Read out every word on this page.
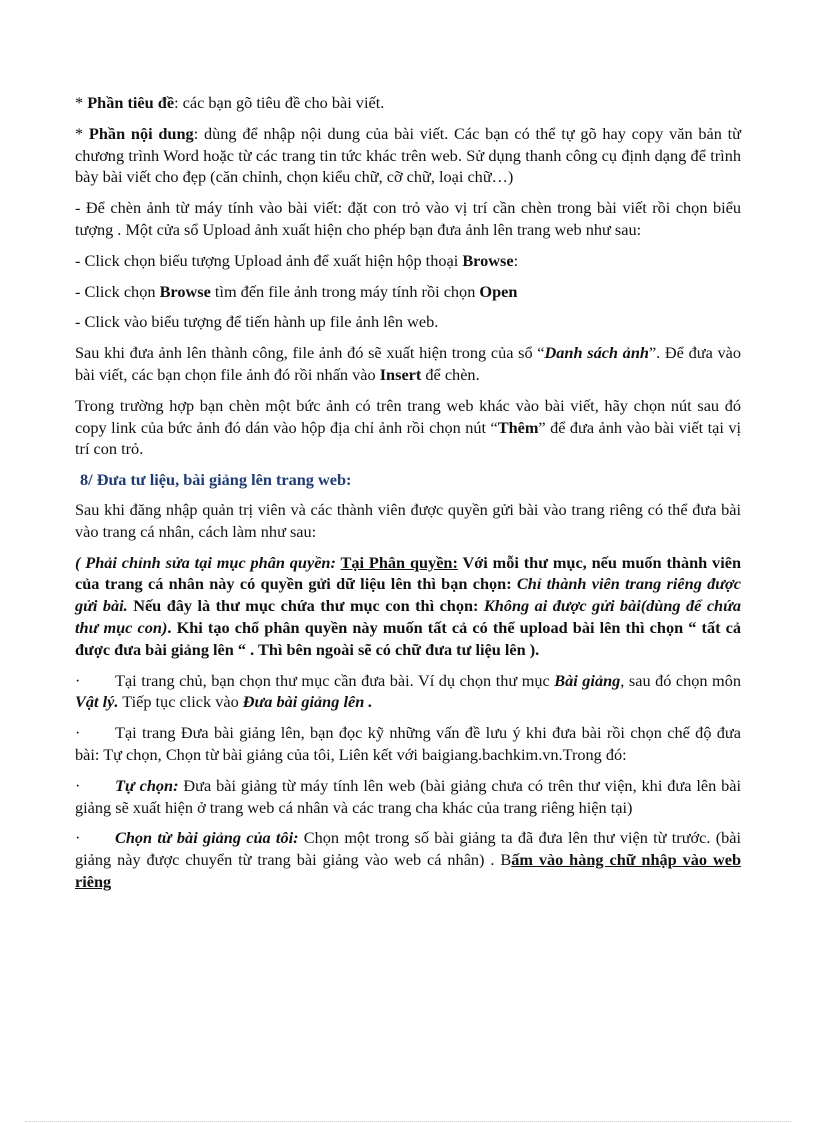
* Phần tiêu đề: các bạn gõ tiêu đề cho bài viết.

* Phần nội dung: dùng để nhập nội dung của bài viết. Các bạn có thể tự gõ hay copy văn bản từ chương trình Word hoặc từ các trang tin tức khác trên web. Sử dụng thanh công cụ định dạng để trình bày bài viết cho đẹp (căn chỉnh, chọn kiểu chữ, cỡ chữ, loại chữ…)

- Để chèn ảnh từ máy tính vào bài viết: đặt con trỏ vào vị trí cần chèn trong bài viết rồi chọn biểu tượng . Một cửa sổ Upload ảnh xuất hiện cho phép bạn đưa ảnh lên trang web như sau:

- Click chọn biểu tượng Upload ảnh để xuất hiện hộp thoại Browse:

- Click chọn Browse tìm đến file ảnh trong máy tính rồi chọn Open

- Click vào biểu tượng để tiến hành up file ảnh lên web.

Sau khi đưa ảnh lên thành công, file ảnh đó sẽ xuất hiện trong của sổ “Danh sách ảnh”. Để đưa vào bài viết, các bạn chọn file ảnh đó rồi nhấn vào Insert để chèn.

Trong trường hợp bạn chèn một bức ảnh có trên trang web khác vào bài viết, hãy chọn nút sau đó copy link của bức ảnh đó dán vào hộp địa chỉ ảnh rồi chọn nút “Thêm” để đưa ảnh vào bài viết tại vị trí con trỏ.

8/ Đưa tư liệu, bài giảng lên trang web:

Sau khi đăng nhập quản trị viên và các thành viên được quyền gửi bài vào trang riêng có thể đưa bài vào trang cá nhân, cách làm như sau:

( Phải chỉnh sửa tại mục phân quyền: Tại Phân quyền: Với mỗi thư mục, nếu muốn thành viên của trang cá nhân này có quyền gửi dữ liệu lên thì bạn chọn: Chỉ thành viên trang riêng được gửi bài. Nếu đây là thư mục chứa thư mục con thì chọn: Không ai được gửi bài(dùng để chứa thư mục con). Khi tạo chổ phân quyền này muốn tất cả có thể upload bài lên thì chọn “ tất cả được đưa bài giảng lên “ . Thì bên ngoài sẽ có chữ đưa tư liệu lên ).

· Tại trang chủ, bạn chọn thư mục cần đưa bài. Ví dụ chọn thư mục Bài giảng, sau đó chọn môn Vật lý. Tiếp tục click vào Đưa bài giảng lên .

· Tại trang Đưa bài giảng lên, bạn đọc kỹ những vấn đề lưu ý khi đưa bài rồi chọn chế độ đưa bài: Tự chọn, Chọn từ bài giảng của tôi, Liên kết với baigiang.bachkim.vn.Trong đó:

· Tự chọn: Đưa bài giảng từ máy tính lên web (bài giảng chưa có trên thư viện, khi đưa lên bài giảng sẽ xuất hiện ở trang web cá nhân và các trang cha khác của trang riêng hiện tại)

· Chọn từ bài giảng của tôi: Chọn một trong số bài giảng ta đã đưa lên thư viện từ trước. (bài giảng này được chuyển từ trang bài giảng vào web cá nhân) . Bấm vào hàng chữ nhập vào web riêng
